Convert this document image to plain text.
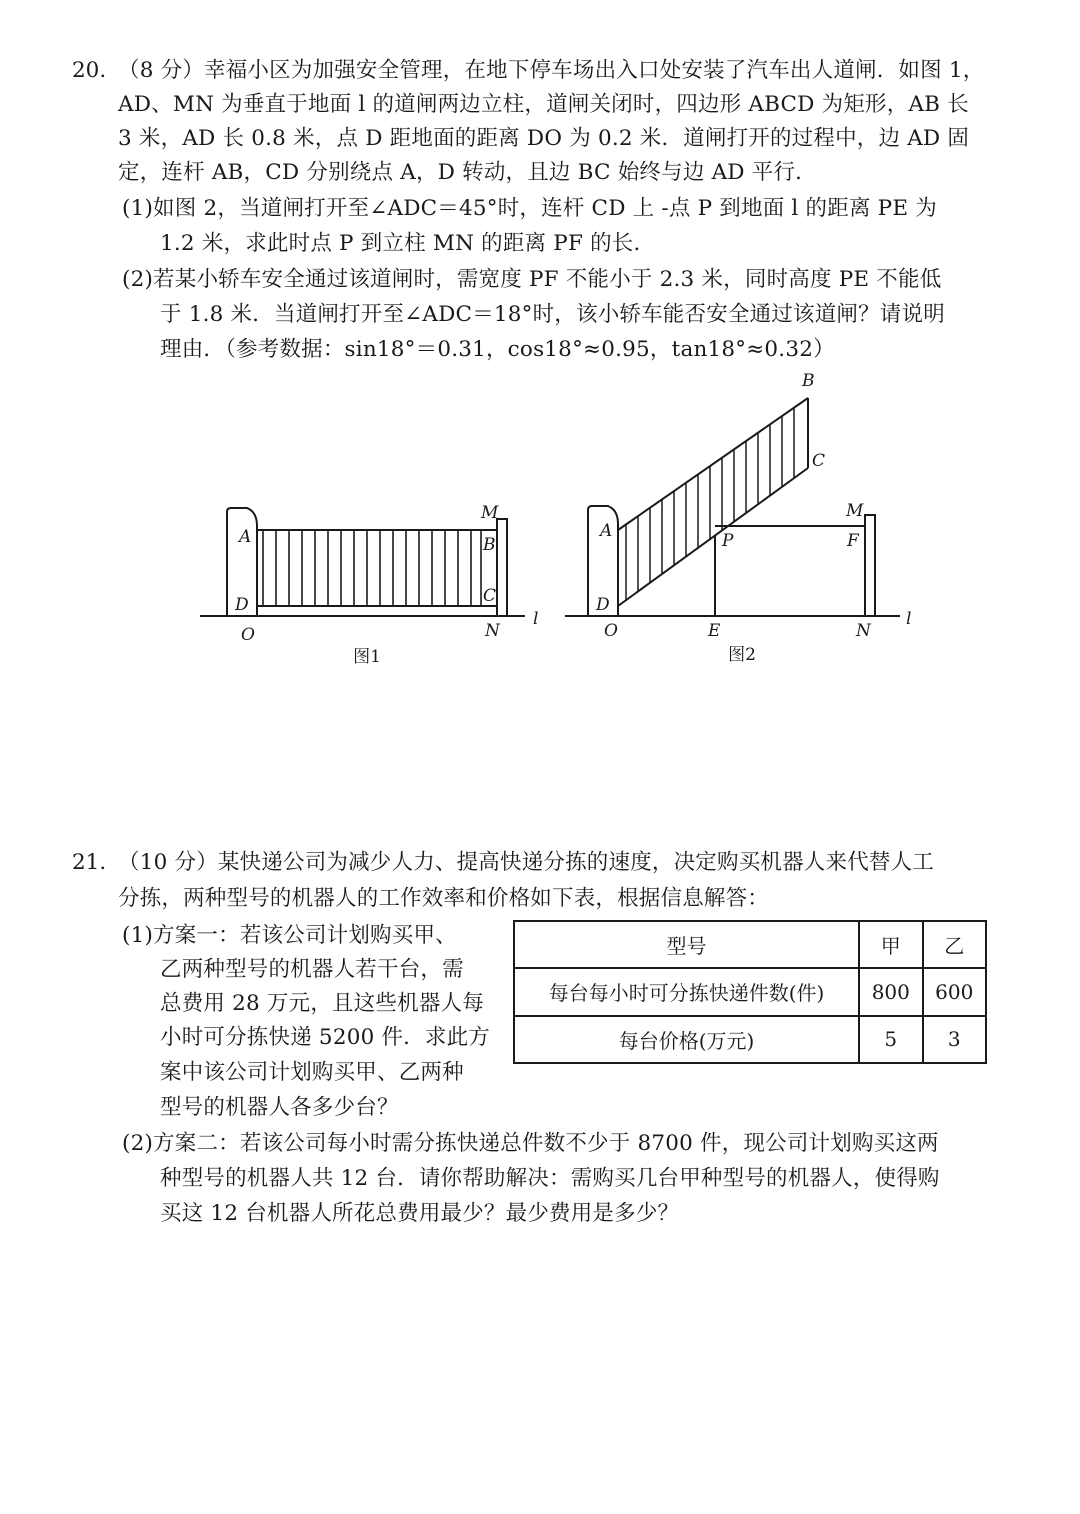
20. （8 分）幸福小区为加强安全管理，在地下停车场出入口处安装了汽车出人道闸．如图 1，
AD、MN 为垂直于地面 l 的道闸两边立柱，道闸关闭时，四边形 ABCD 为矩形，AB 长
3 米，AD 长 0.8 米，点 D 距地面的距离 DO 为 0.2 米．道闸打开的过程中，边 AD 固
定，连杆 AB，CD 分别绕点 A，D 转动，且边 BC 始终与边 AD 平行．
(1)如图 2，当道闸打开至∠ADC＝45°时，连杆 CD 上 -点 P 到地面 l 的距离 PE 为
1.2 米，求此时点 P 到立柱 MN 的距离 PF 的长．
(2)若某小轿车安全通过该道闸时，需宽度 PF 不能小于 2.3 米，同时高度 PE 不能低
于 1.8 米．当道闸打开至∠ADC＝18°时，该小轿车能否安全通过该道闸？请说明
理由．（参考数据：sin18°＝0.31，cos18°≈0.95，tan18°≈0.32）
A	B
C
D
M
N
O
l
图1
A
B
C
D
M
F
P
E	N
O
l
图2
21. （10 分）某快递公司为减少人力、提高快递分拣的速度，决定购买机器人来代替人工
分拣，两种型号的机器人的工作效率和价格如下表，根据信息解答：
(1)方案一：若该公司计划购买甲、
乙两种型号的机器人若干台，需
总费用 28 万元，且这些机器人每
小时可分拣快递 5200 件．求此方
案中该公司计划购买甲、乙两种
型号的机器人各多少台？
型号	甲	乙
每台每小时可分拣快递件数(件)	800	600
每台价格(万元)	5	3
(2)方案二：若该公司每小时需分拣快递总件数不少于 8700 件，现公司计划购买这两
种型号的机器人共 12 台．请你帮助解决：需购买几台甲种型号的机器人，使得购
买这 12 台机器人所花总费用最少？最少费用是多少？
